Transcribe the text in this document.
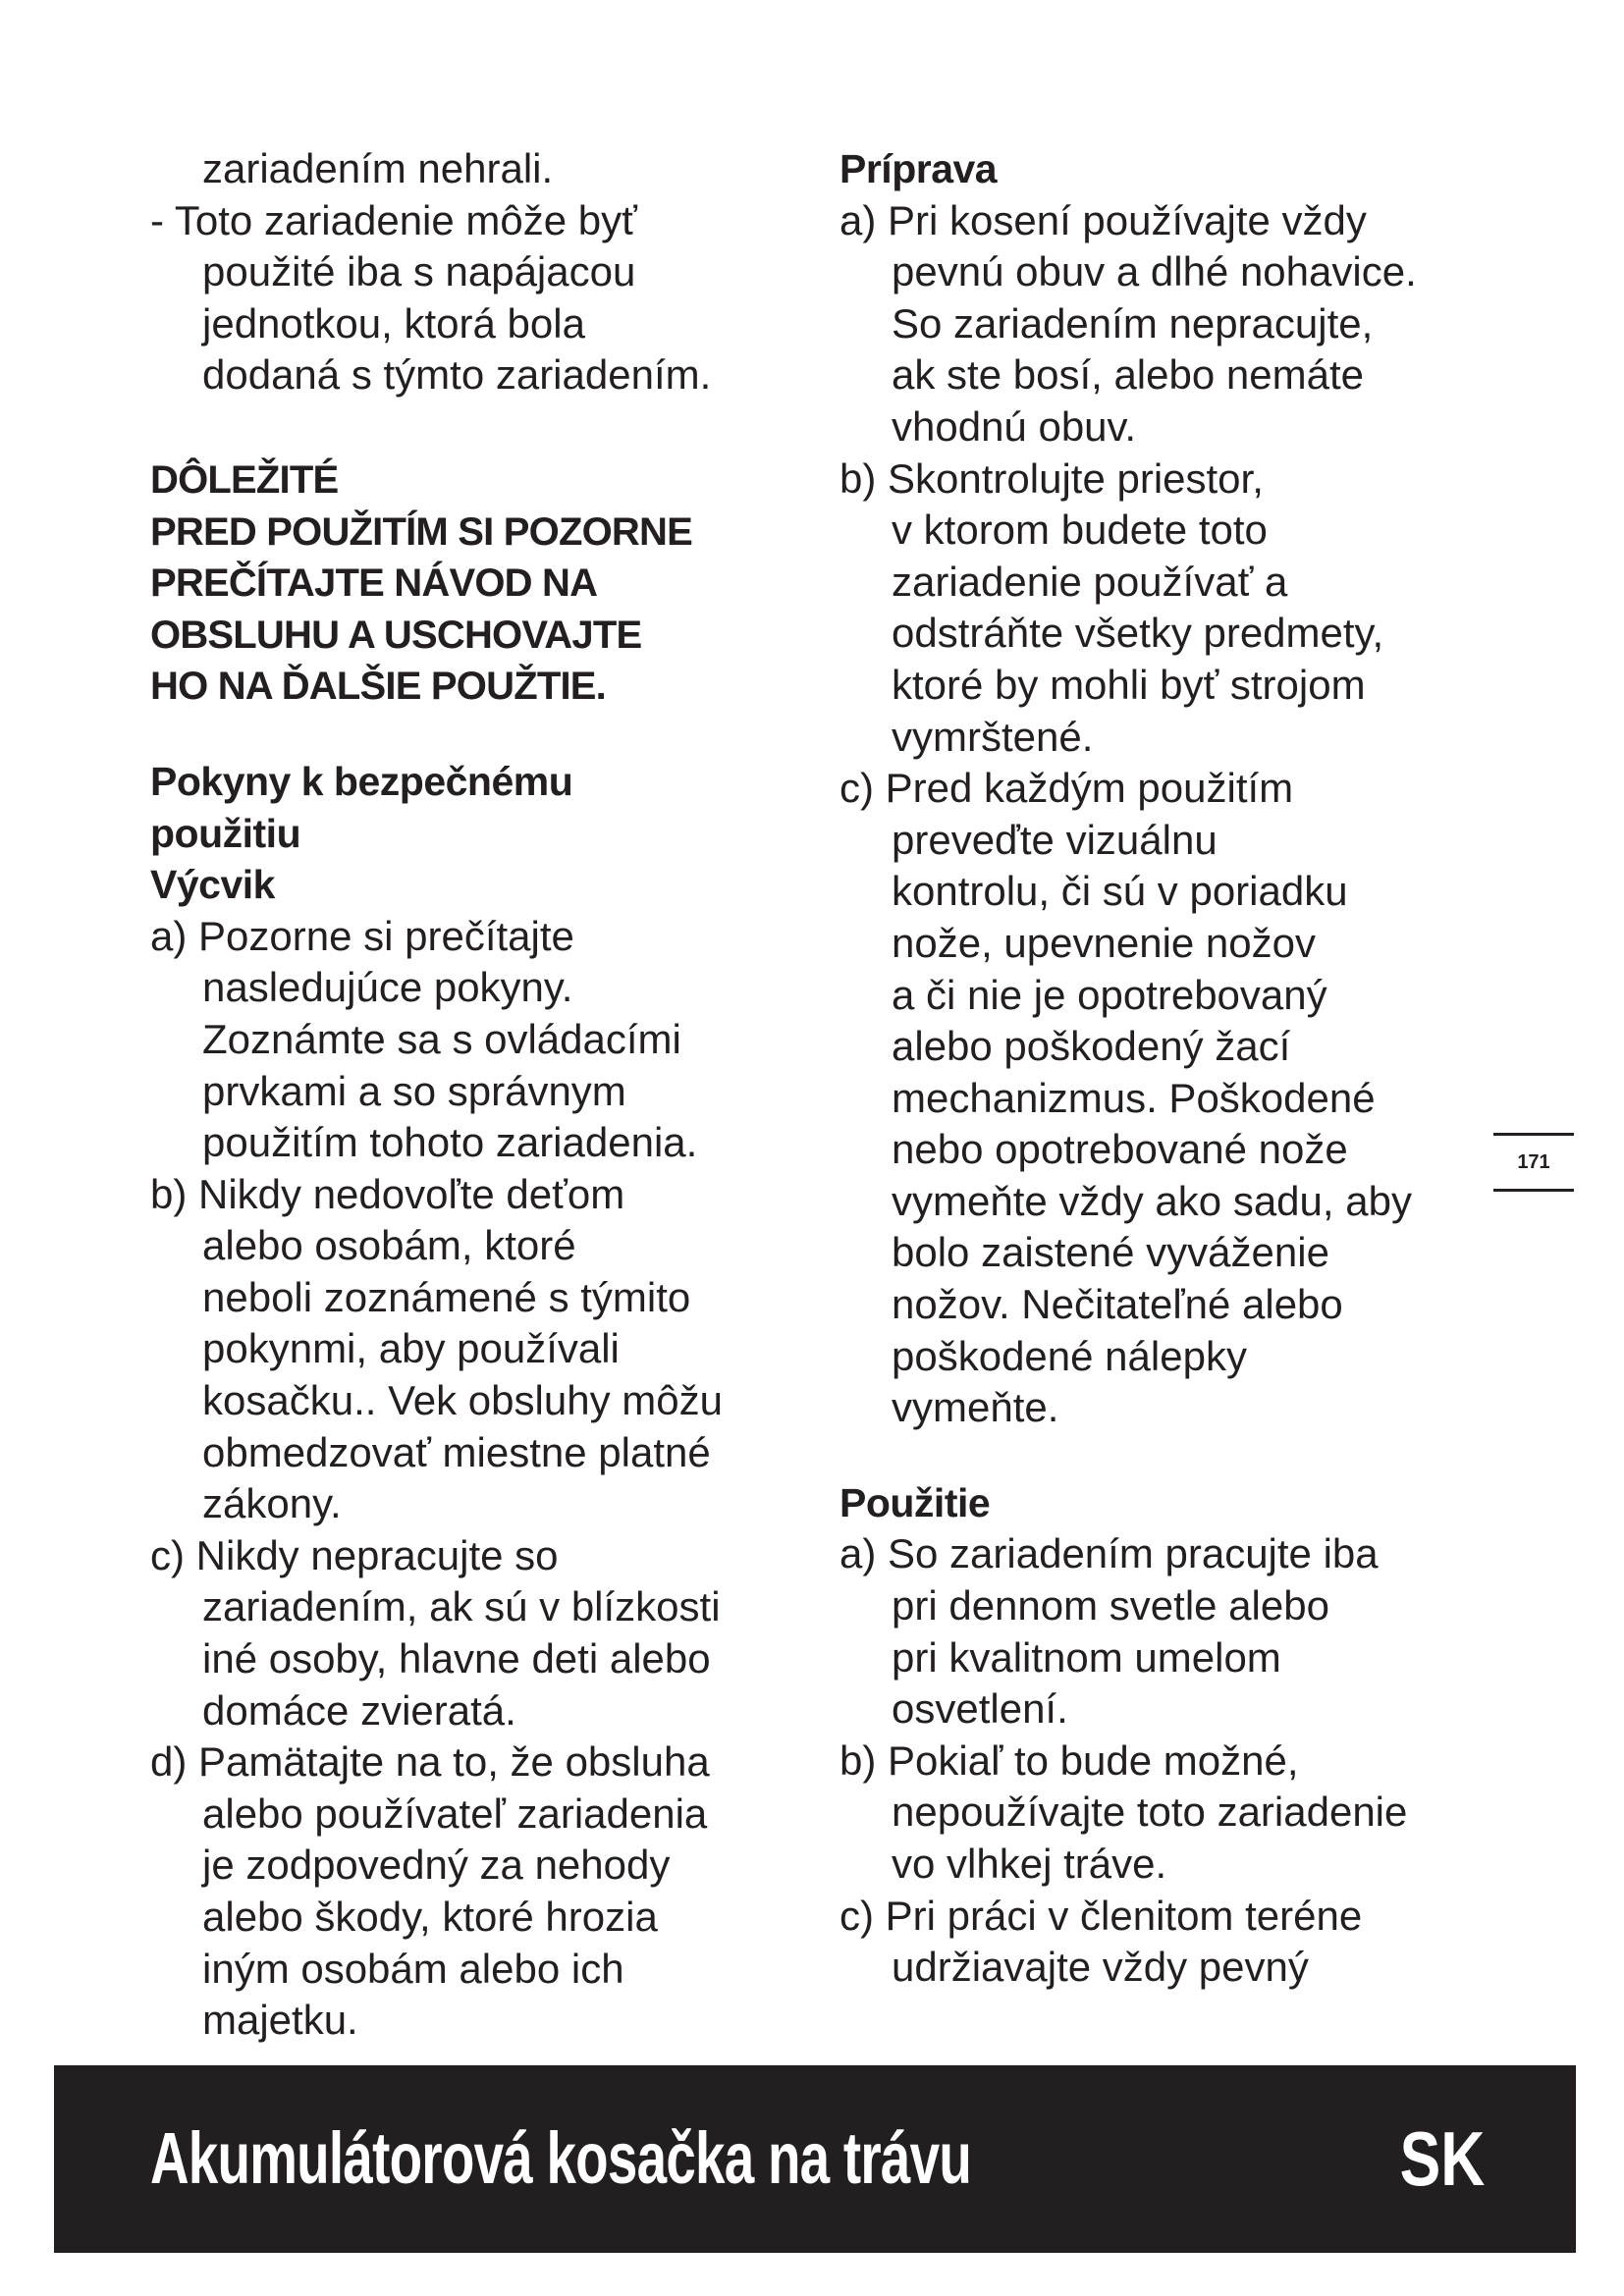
zariadením nehrali.

- Toto zariadenie môže byť

použité iba s napájacou

jednotkou, ktorá bola

dodaná s týmto zariadením.

DÔLEŽITÉ

PRED POUŽITÍM SI POZORNE

PREČÍTAJTE NÁVOD NA

OBSLUHU A USCHOVAJTE

HO NA ĎALŠIE POUŽTIE.

Pokyny k bezpečnému

použitiu

Výcvik

a) Pozorne si prečítajte

nasledujúce pokyny.

Zoznámte sa s ovládacími

prvkami a so správnym

použitím tohoto zariadenia.

b) Nikdy nedovoľte deťom

alebo osobám, ktoré

neboli zoznámené s týmito

pokynmi, aby používali

kosačku.. Vek obsluhy môžu

obmedzovať miestne platné

zákony.

c) Nikdy nepracujte so

zariadením, ak sú v blízkosti

iné osoby, hlavne deti alebo

domáce zvieratá.

d) Pamätajte na to, že obsluha

alebo používateľ zariadenia

je zodpovedný za nehody

alebo škody, ktoré hrozia

iným osobám alebo ich

majetku.

Príprava

a) Pri kosení používajte vždy

pevnú obuv a dlhé nohavice.

So zariadením nepracujte,

ak ste bosí, alebo nemáte

vhodnú obuv.

b) Skontrolujte priestor,

v ktorom budete toto

zariadenie používať a

odstráňte všetky predmety,

ktoré by mohli byť strojom

vymrštené.

c) Pred každým použitím

preveďte vizuálnu

kontrolu, či sú v poriadku

nože, upevnenie nožov

a či nie je opotrebovaný

alebo poškodený žací

mechanizmus. Poškodené

nebo opotrebované nože

vymeňte vždy ako sadu, aby

bolo zaistené vyváženie

nožov. Nečitateľné alebo

poškodené nálepky

vymeňte.

Použitie

a) So zariadením pracujte iba

pri dennom svetle alebo

pri kvalitnom umelom

osvetlení.

b) Pokiaľ to bude možné,

nepoužívajte toto zariadenie

vo vlhkej tráve.

c) Pri práci v členitom teréne

udržiavajte vždy pevný

171
Akumulátorová kosačka na trávu	SK
